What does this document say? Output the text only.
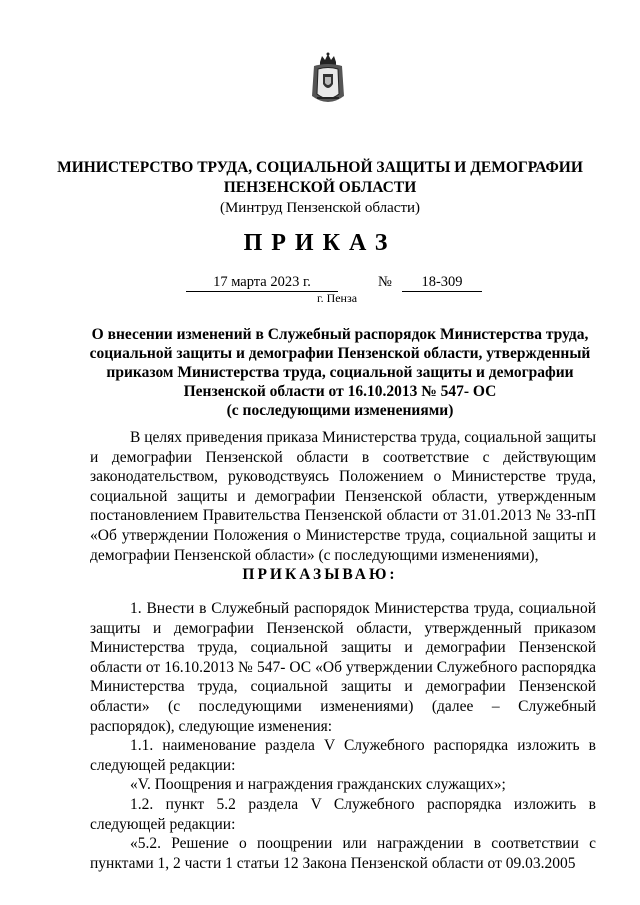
МИНИСТЕРСТВО ТРУДА, СОЦИАЛЬНОЙ ЗАЩИТЫ И ДЕМОГРАФИИ
ПЕНЗЕНСКОЙ ОБЛАСТИ
(Минтруд Пензенской области)
ПРИКАЗ
17 марта 2023 г.	№	18-309
г. Пенза
О внесении изменений в Служебный распорядок Министерства труда,
социальной защиты и демографии Пензенской области, утвержденный
приказом Министерства труда, социальной защиты и демографии
Пензенской области от 16.10.2013 № 547- ОС
(с последующими изменениями)
В целях приведения приказа Министерства труда, социальной защиты и демографии Пензенской области в соответствие с действующим законодательством, руководствуясь Положением о Министерстве труда, социальной защиты и демографии Пензенской области, утвержденным постановлением Правительства Пензенской области от 31.01.2013 № 33-пП «Об утверждении Положения о Министерстве труда, социальной защиты и демографии Пензенской области» (с последующими изменениями),
ПРИКАЗЫВАЮ:
1. Внести в Служебный распорядок Министерства труда, социальной защиты и демографии Пензенской области, утвержденный приказом Министерства труда, социальной защиты и демографии Пензенской области от 16.10.2013 № 547- ОС «Об утверждении Служебного распорядка Министерства труда, социальной защиты и демографии Пензенской области» (с последующими изменениями) (далее – Служебный распорядок), следующие изменения:
1.1. наименование раздела V Служебного распорядка изложить в следующей редакции:
«V. Поощрения и награждения гражданских служащих»;
1.2. пункт 5.2 раздела V Служебного распорядка изложить в следующей редакции:
«5.2. Решение о поощрении или награждении в соответствии с пунктами 1, 2 части 1 статьи 12 Закона Пензенской области от 09.03.2005
